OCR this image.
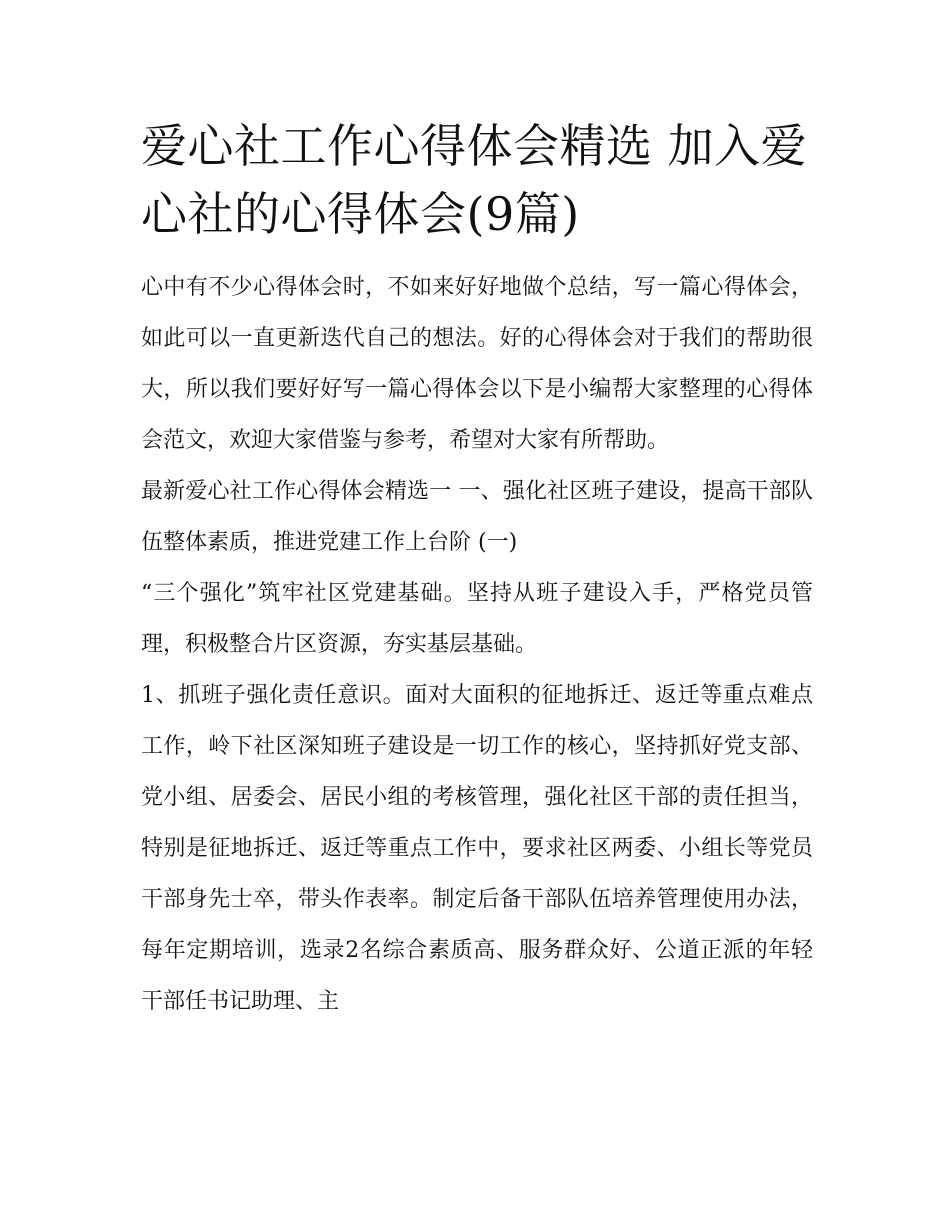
爱心社工作心得体会精选 加入爱心社的心得体会(9篇)

心中有不少心得体会时，不如来好好地做个总结，写一篇心得体会，如此可以一直更新迭代自己的想法。好的心得体会对于我们的帮助很大，所以我们要好好写一篇心得体会以下是小编帮大家整理的心得体会范文，欢迎大家借鉴与参考，希望对大家有所帮助。

最新爱心社工作心得体会精选一 一、强化社区班子建设，提高干部队伍整体素质，推进党建工作上台阶 (一)

“三个强化”筑牢社区党建基础。坚持从班子建设入手，严格党员管理，积极整合片区资源，夯实基层基础。

1、抓班子强化责任意识。面对大面积的征地拆迁、返迁等重点难点工作，岭下社区深知班子建设是一切工作的核心，坚持抓好党支部、党小组、居委会、居民小组的考核管理，强化社区干部的责任担当，特别是征地拆迁、返迁等重点工作中，要求社区两委、小组长等党员干部身先士卒，带头作表率。制定后备干部队伍培养管理使用办法，每年定期培训，选录2名综合素质高、服务群众好、公道正派的年轻干部任书记助理、主
